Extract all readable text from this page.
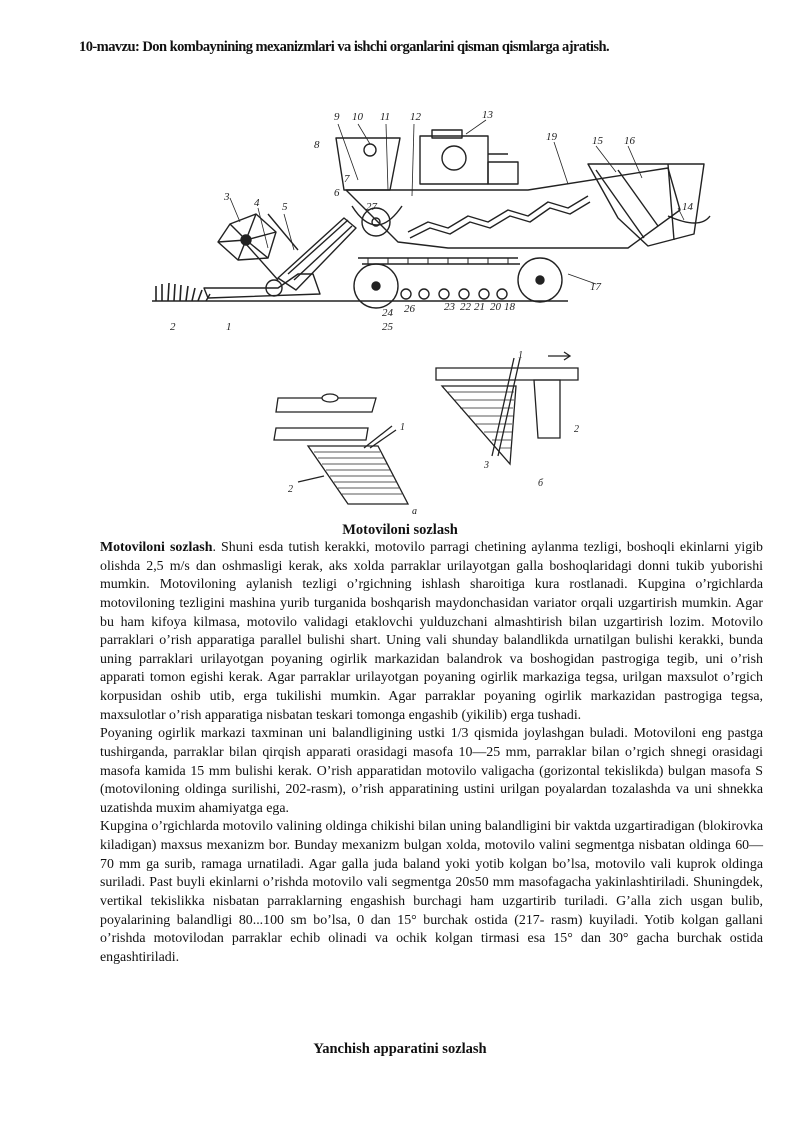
10-mavzu: Don kombaynining mexanizmlari va ishchi organlarini qisman qismlarga ajratish.
2	1
3 4 5
6
7
8
9 10 11 12	13
19	15 16
14
17
26	23 22 21 20 18
24
25
27
1
2
a
1
2
3
б
Motovilonі sozlash

Motoviloni sozlash. Shuni esda tutish kerakki, motovilo parragi chetining aylanma tezligi, boshoqli ekinlarni yigib olishda 2,5 m/s dan oshmasligi kerak, aks xolda parraklar urilayotgan galla boshoqlaridagi donni tukib yuborishi mumkin. Motoviloning aylanish tezligi o’rgichning ishlash sharoitiga kura rostlanadi. Kupgina o’rgichlarda motoviloning tezligini mashina yurib turganida boshqarish maydonchasidan variator orqali uzgartirish mumkin. Agar bu ham kifoya kilmasa, motovilo validagi etaklovchi yulduzchani almashtirish bilan uzgartirish lozim. Motovilo parraklari o’rish apparatiga parallel bulishi shart. Uning vali shunday balandlikda urnatilgan bulishi kerakki, bunda uning parraklari urilayotgan poyaning ogirlik markazidan balandrok va boshogidan pastrogiga tegib, uni o’rish apparati tomon egishi kerak. Agar parraklar urilayotgan poyaning ogirlik markaziga tegsa, urilgan maxsulot o’rgich korpusidan oshib utib, erga tukilishi mumkin. Agar parraklar poyaning ogirlik markazidan pastrogiga tegsa, maxsulotlar o’rish apparatiga nisbatan teskari tomonga engashib (yikilib) erga tushadi.

Poyaning ogirlik markazi taxminan uni balandligining ustki 1/3 qismida joylashgan buladi. Motoviloni eng pastga tushirganda, parraklar bilan qirqish apparati orasidagi masofa 10—25 mm, parraklar bilan o’rgich shnegi orasidagi masofa kamida 15 mm bulishi kerak. O’rish apparatidan motovilo valigacha (gorizontal tekislikda) bulgan masofa S (motoviloning oldinga surilishi, 202-rasm), o’rish apparatining ustini urilgan poyalardan tozalashda va uni shnekka uzatishda muxim ahamiyatga ega.

Kupgina o’rgichlarda motovilo valining oldinga chikishi bilan uning balandligini bir vaktda uzgartiradigan (blokirovka kiladigan) maxsus mexanizm bor. Bunday mexanizm bulgan xolda, motovilo valini segmentga nisbatan oldinga 60—70 mm ga surib, ramaga urnatiladi. Agar galla juda baland yoki yotib kolgan bo’lsa, motovilo vali kuprok oldinga suriladi. Past buyli ekinlarni o’rishda motovilo vali segmentga 20s50 mm masofagacha yakinlashtiriladi. Shuningdek, vertikal tekislikka nisbatan parraklarning engashish burchagi ham uzgartirib turiladi. G’alla zich usgan bulib, poyalarining balandligi 80...100 sm bo’lsa, 0 dan 15° burchak ostida (217- rasm) kuyiladi. Yotib kolgan gallani o’rishda motovilodan parraklar echib olinadi va ochik kolgan tirmasi esa 15° dan 30° gacha burchak ostida engashtiriladi.

Yanchish apparatini sozlash
